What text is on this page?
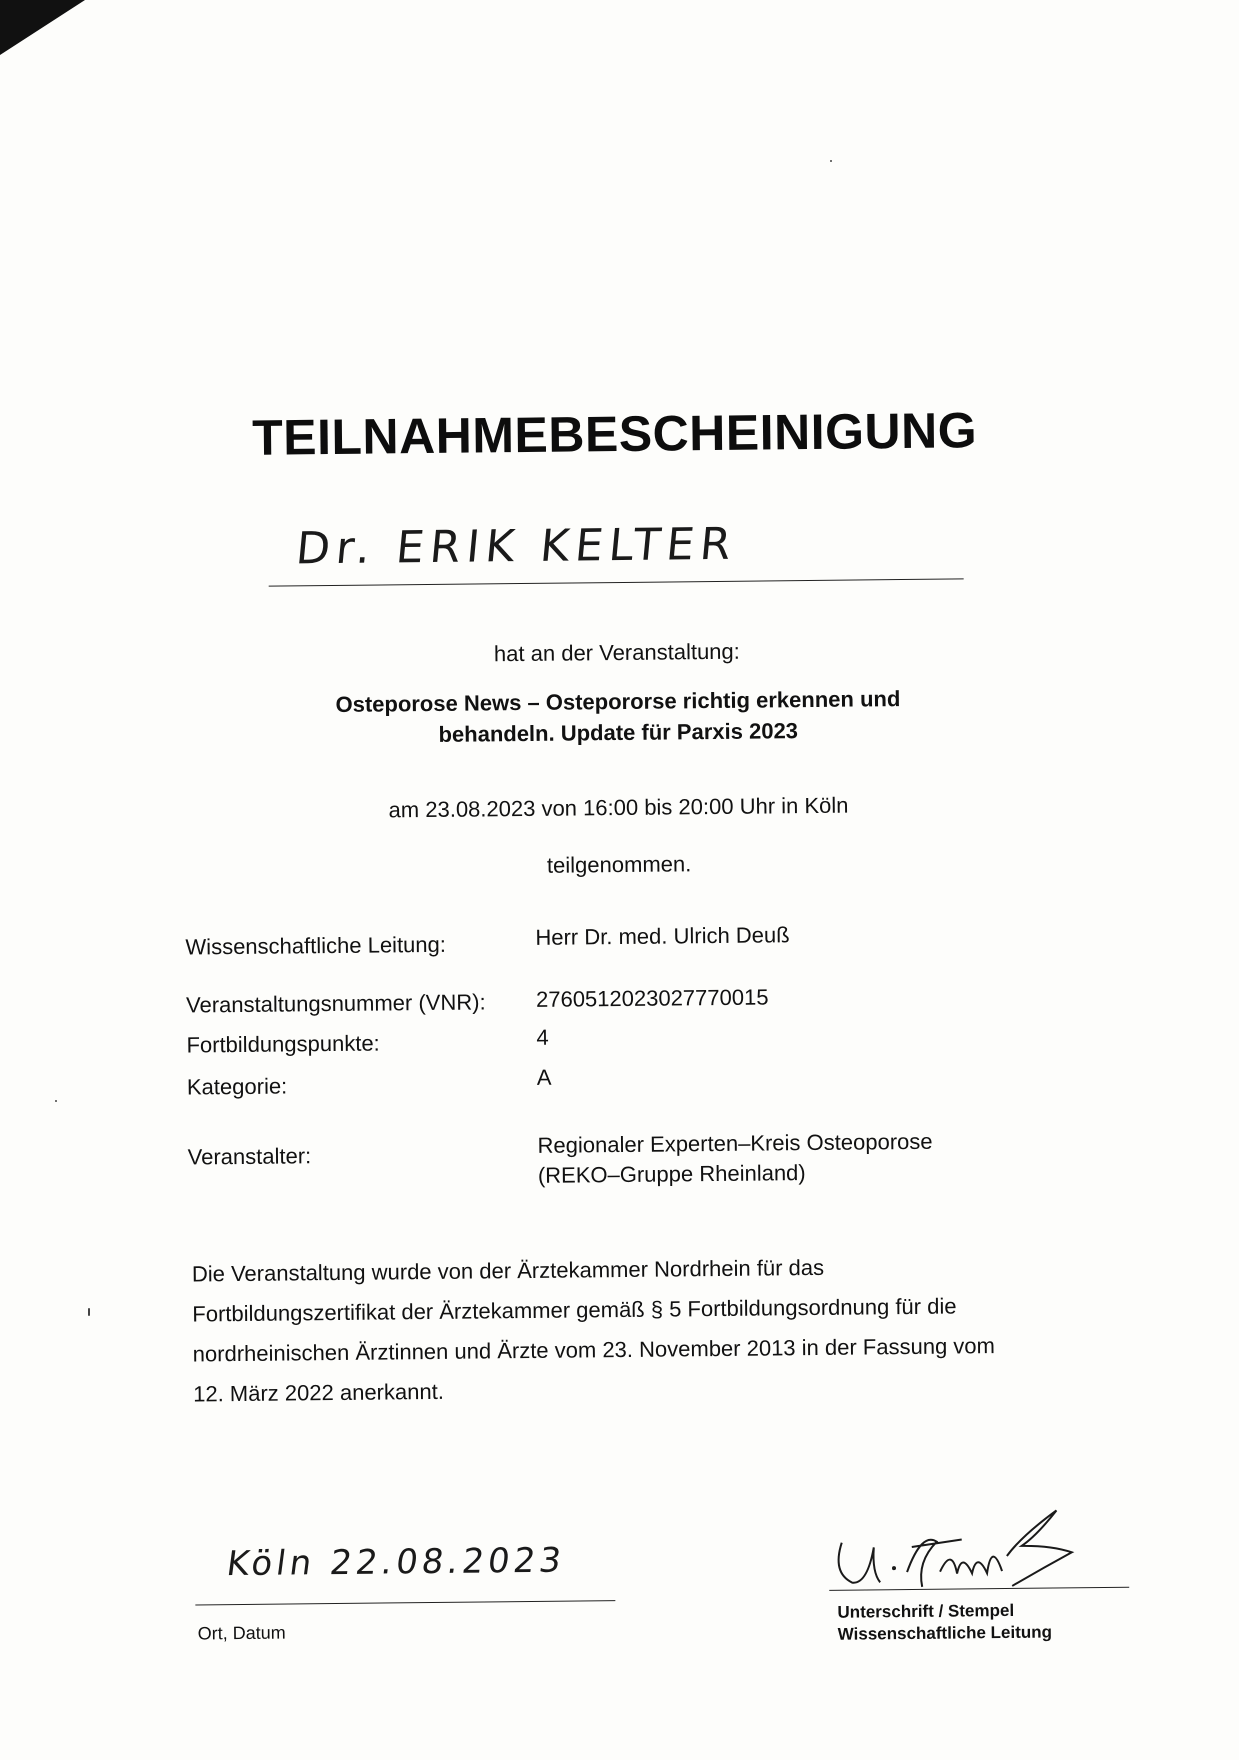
TEILNAHMEBESCHEINIGUNG
Dr. ERIK KELTER
hat an der Veranstaltung:
Osteporose News – Ostepororse richtig erkennen und
behandeln. Update für Parxis 2023
am 23.08.2023 von 16:00 bis 20:00 Uhr in Köln
teilgenommen.
Wissenschaftliche Leitung:	Herr Dr. med. Ulrich Deuß
Veranstaltungsnummer (VNR): 2760512023027770015
Fortbildungspunkte:	4
Kategorie:	A
Veranstalter:	Regionaler Experten–Kreis Osteoporose
(REKO–Gruppe Rheinland)
Die Veranstaltung wurde von der Ärztekammer Nordrhein für das
Fortbildungszertifikat der Ärztekammer gemäß § 5 Fortbildungsordnung für die
nordrheinischen Ärztinnen und Ärzte vom 23. November 2013 in der Fassung vom
12. März 2022 anerkannt.
Köln 22.08.2023
Ort, Datum
Unterschrift / Stempel
Wissenschaftliche Leitung
